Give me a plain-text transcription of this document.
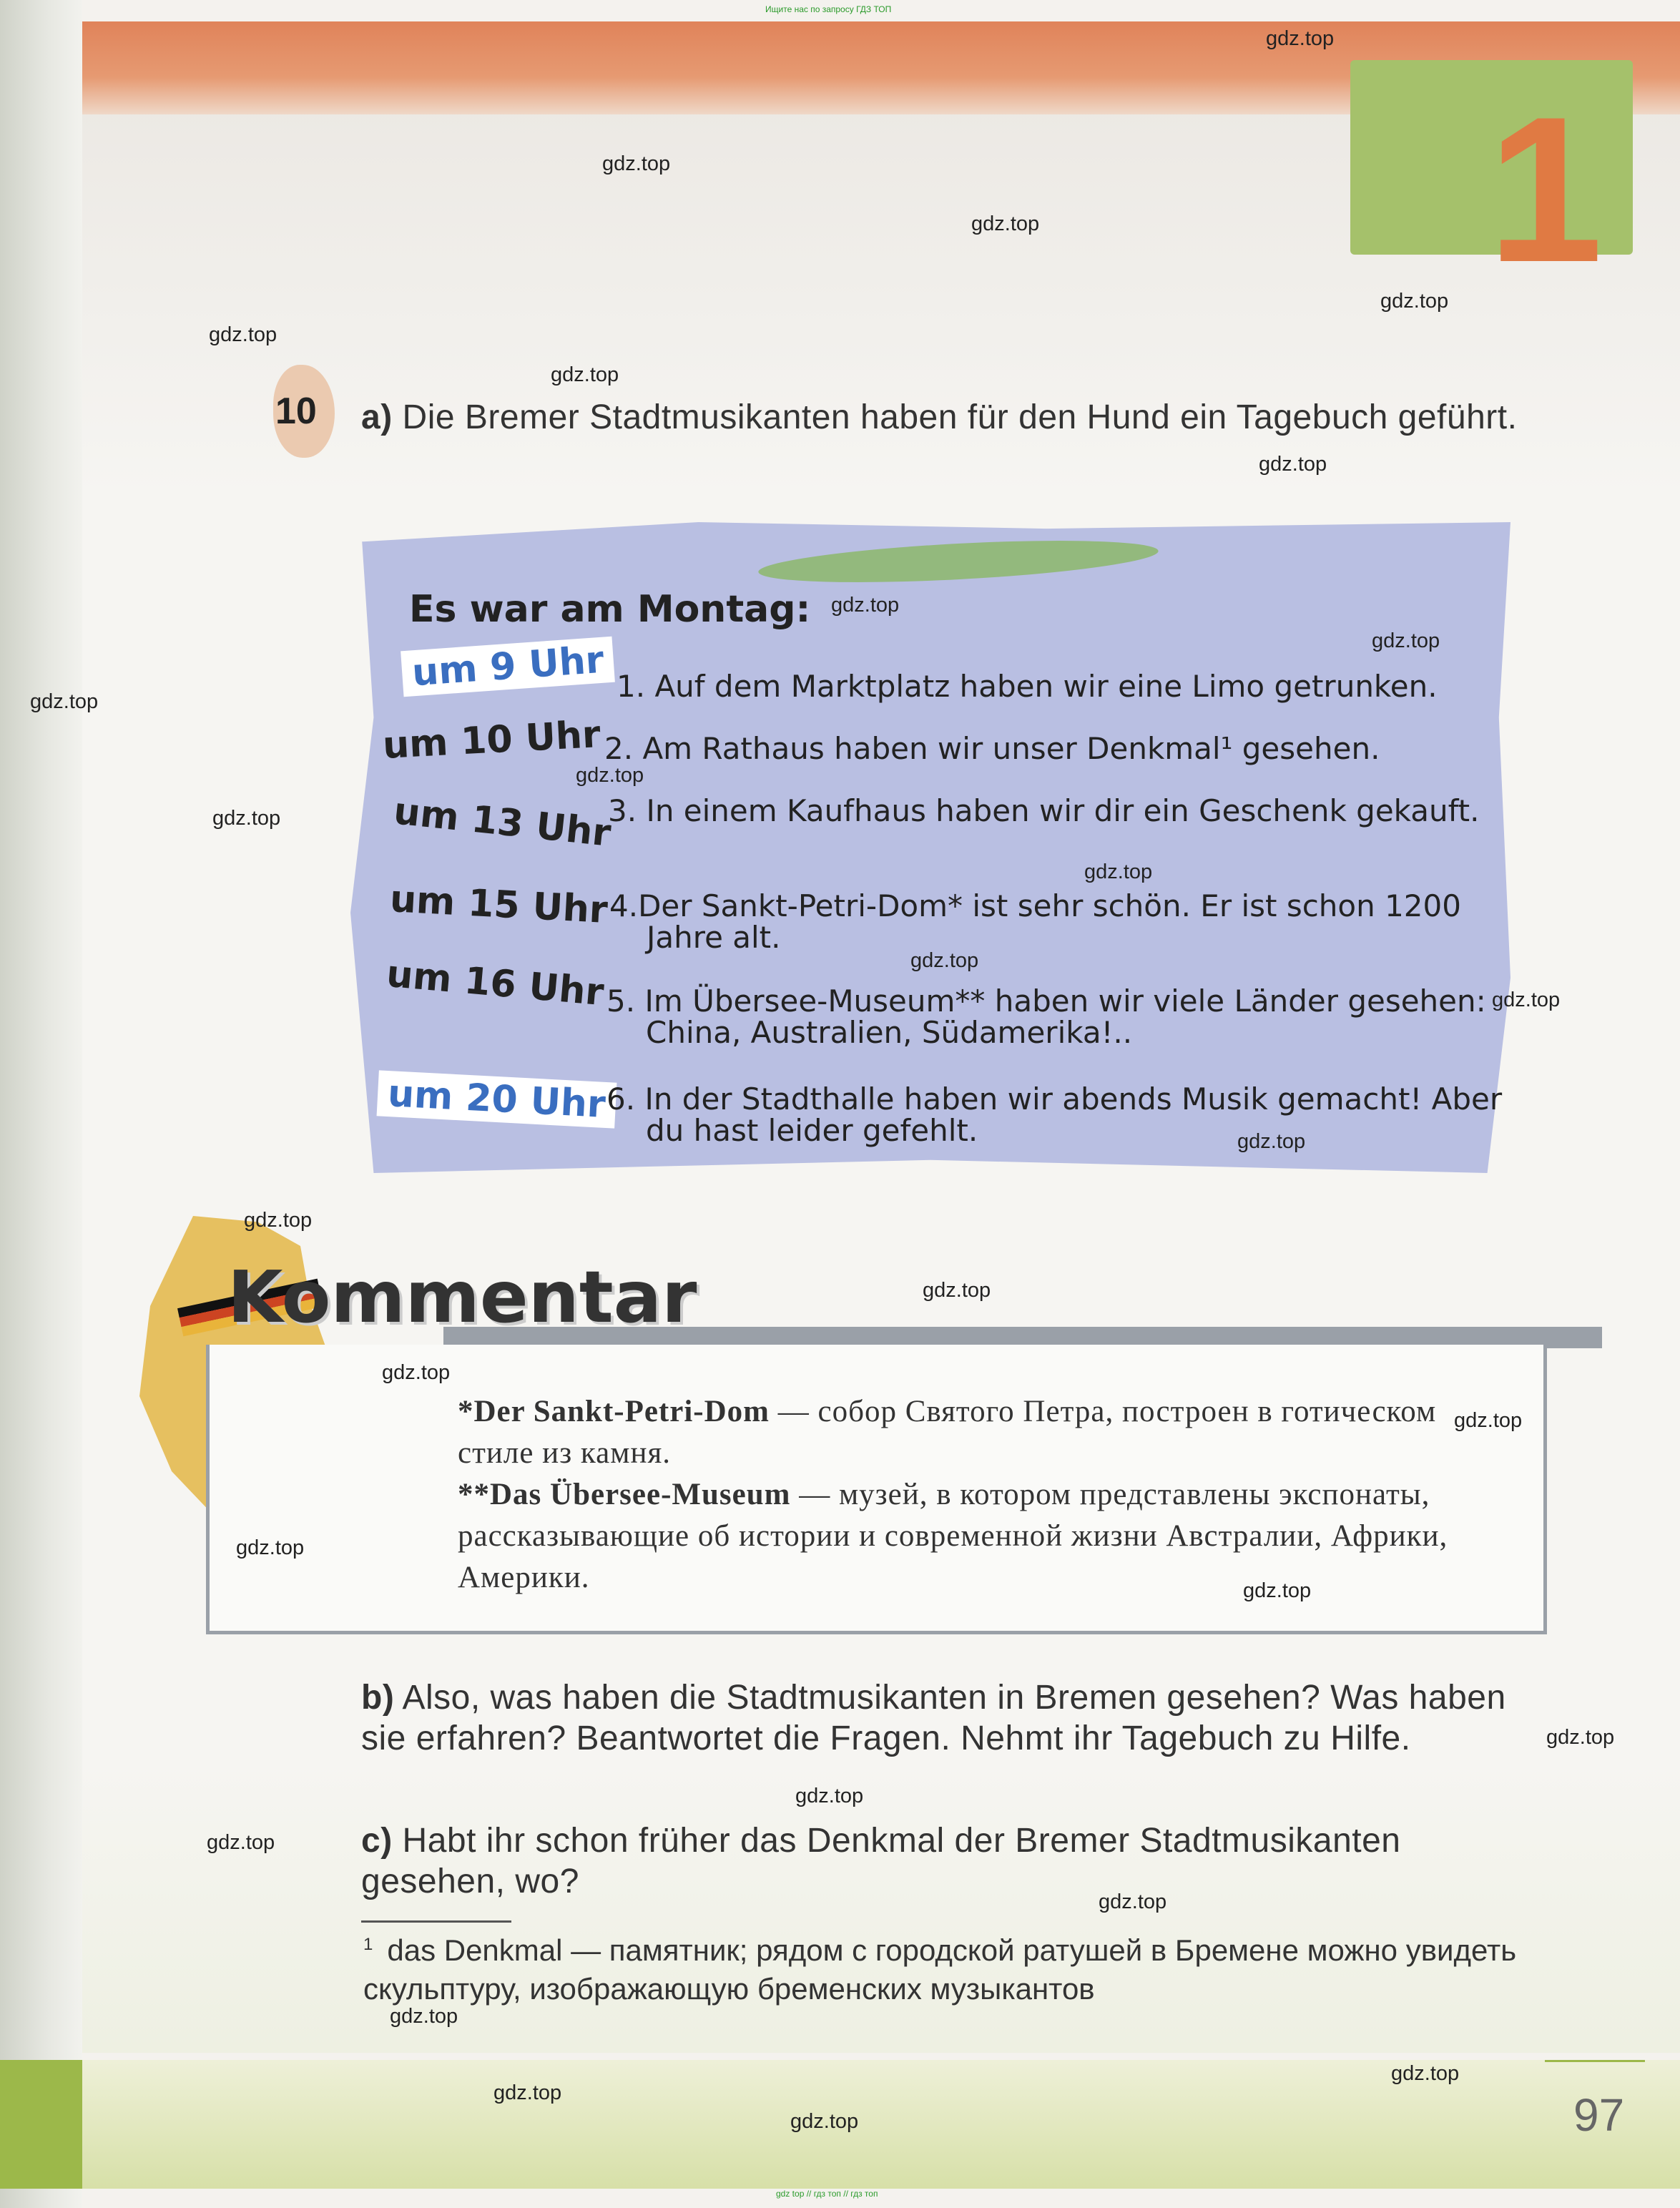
Ищите нас по запросу ГДЗ ТОП
gdz top // гдз топ // гдз топ
1
10 a) Die Bremer Stadtmusikanten haben für den Hund ein Tagebuch geführt.
Es war am Montag:
um 9 Uhr 1. Auf dem Marktplatz haben wir eine Limo getrunken.
um 10 Uhr 2. Am Rathaus haben wir unser Denkmal¹ gesehen.
um 13 Uhr
3. In einem Kaufhaus haben wir dir ein Geschenk gekauft.
um 15 Uhr 4.Der Sankt-Petri-Dom* ist sehr schön. Er ist schon 1200 Jahre alt.
um 16 Uhr 5. Im Übersee-Museum** haben wir viele Länder gesehen: China, Australien, Südamerika!..
um 20 Uhr 6. In der Stadthalle haben wir abends Musik gemacht! Aber du hast leider gefehlt.
Kommentar
*Der Sankt-Petri-Dom — собор Святого Петра, построен в готическом стиле из камня.
**Das Übersee-Museum — музей, в котором представлены экспонаты, рассказывающие об истории и современной жизни Австралии, Африки, Америки.
b) Also, was haben die Stadtmusikanten in Bremen gesehen? Was haben sie erfahren? Beantwortet die Fragen. Nehmt ihr Tagebuch zu Hilfe.
c) Habt ihr schon früher das Denkmal der Bremer Stadtmusikanten gesehen, wo?
$^1$ das Denkmal — памятник; рядом с городской ратушей в Бремене можно увидеть скульптуру, изображающую бременских музыкантов
97
gdz.top
gdz.top
gdz.top
gdz.top
gdz.top
gdz.top
gdz.top
gdz.top
gdz.top
gdz.top
gdz.top
gdz.top
gdz.top
gdz.top
gdz.top
gdz.top
gdz.top
gdz.top
gdz.top
gdz.top
gdz.top
gdz.top
gdz.top
gdz.top
gdz.top
gdz.top
gdz.top
gdz.top
gdz.top
gdz.top
